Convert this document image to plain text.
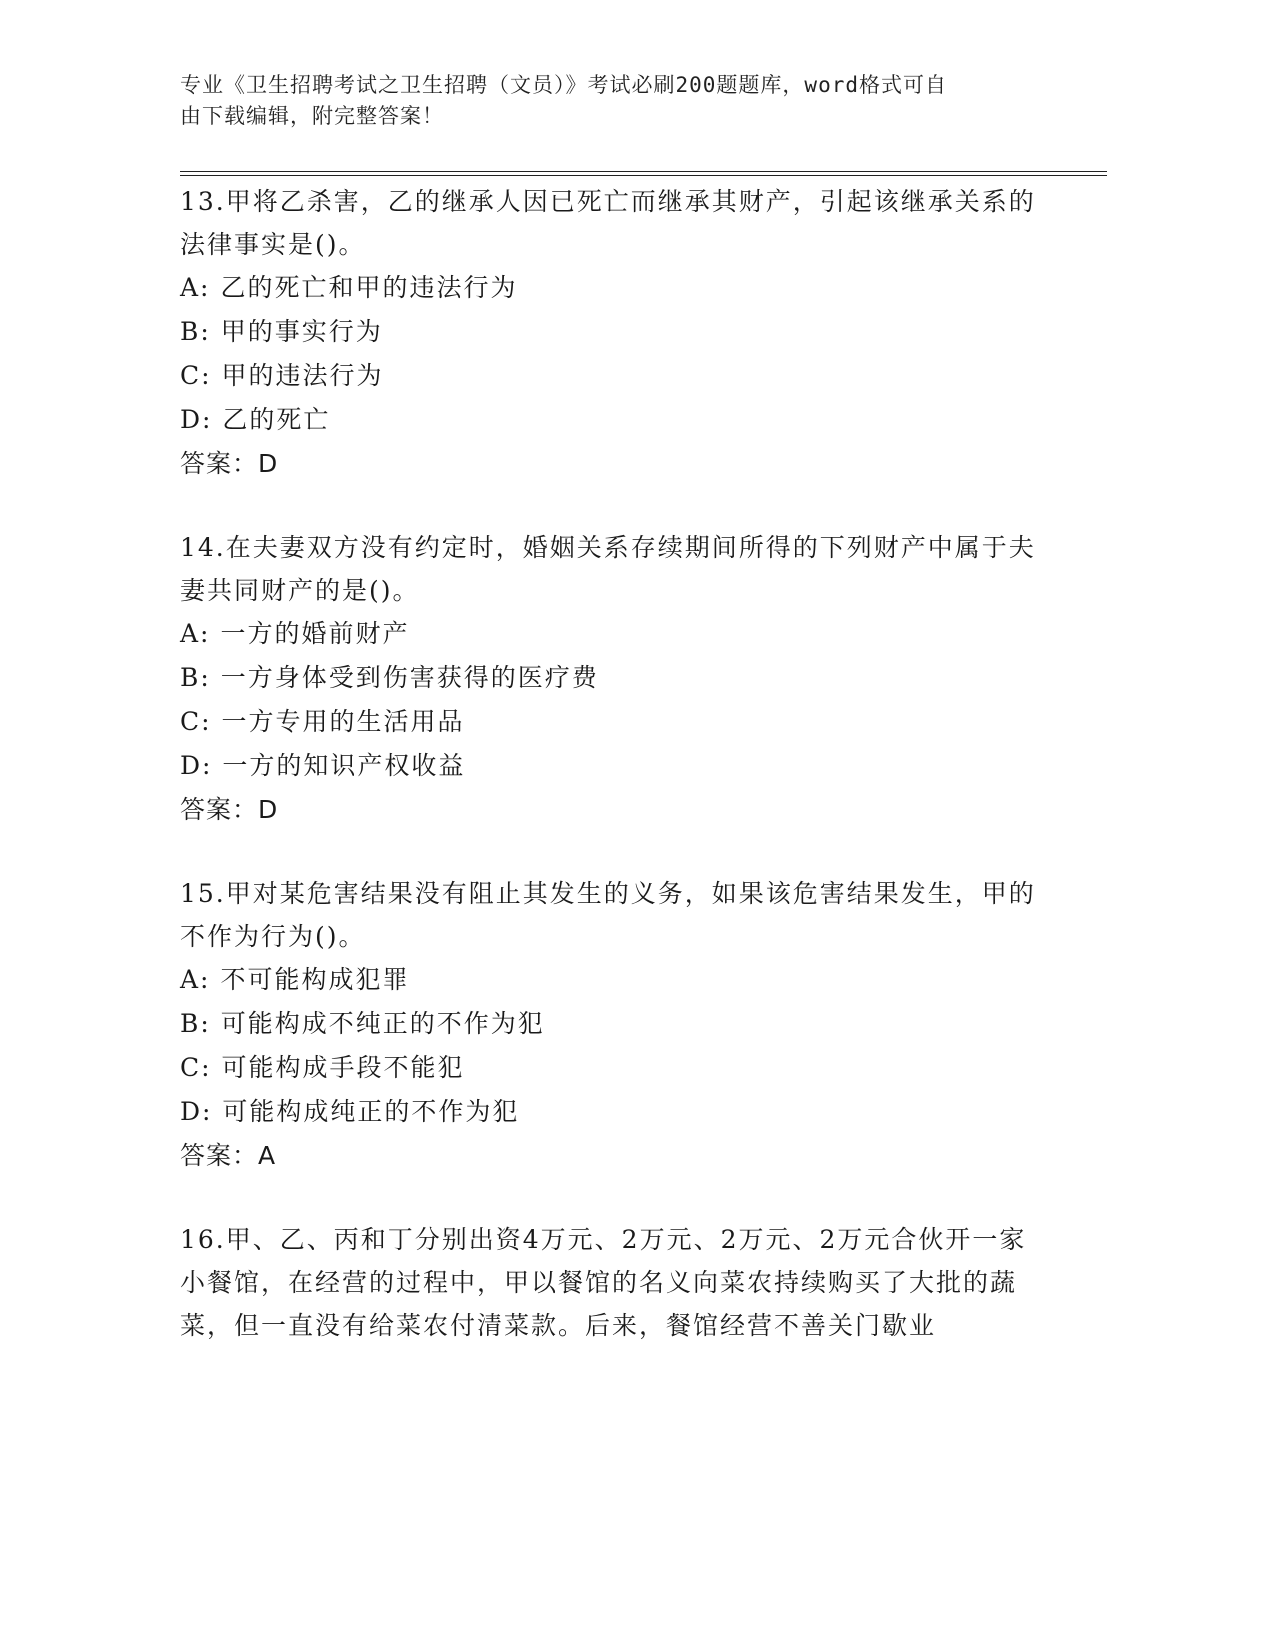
专业《卫生招聘考试之卫生招聘（文员）》考试必刷200题题库，word格式可自
由下载编辑，附完整答案！

13.甲将乙杀害，乙的继承人因已死亡而继承其财产，引起该继承关系的法律事实是()。

A: 乙的死亡和甲的违法行为

B: 甲的事实行为

C: 甲的违法行为

D: 乙的死亡

答案：D

14.在夫妻双方没有约定时，婚姻关系存续期间所得的下列财产中属于夫妻共同财产的是()。

A: 一方的婚前财产

B: 一方身体受到伤害获得的医疗费

C: 一方专用的生活用品

D: 一方的知识产权收益

答案：D

15.甲对某危害结果没有阻止其发生的义务，如果该危害结果发生，甲的不作为行为()。

A: 不可能构成犯罪

B: 可能构成不纯正的不作为犯

C: 可能构成手段不能犯

D: 可能构成纯正的不作为犯

答案：A

16.甲、乙、丙和丁分别出资4万元、2万元、2万元、2万元合伙开一家小餐馆，在经营的过程中，甲以餐馆的名义向菜农持续购买了大批的蔬菜，但一直没有给菜农付清菜款。后来，餐馆经营不善关门歇业
